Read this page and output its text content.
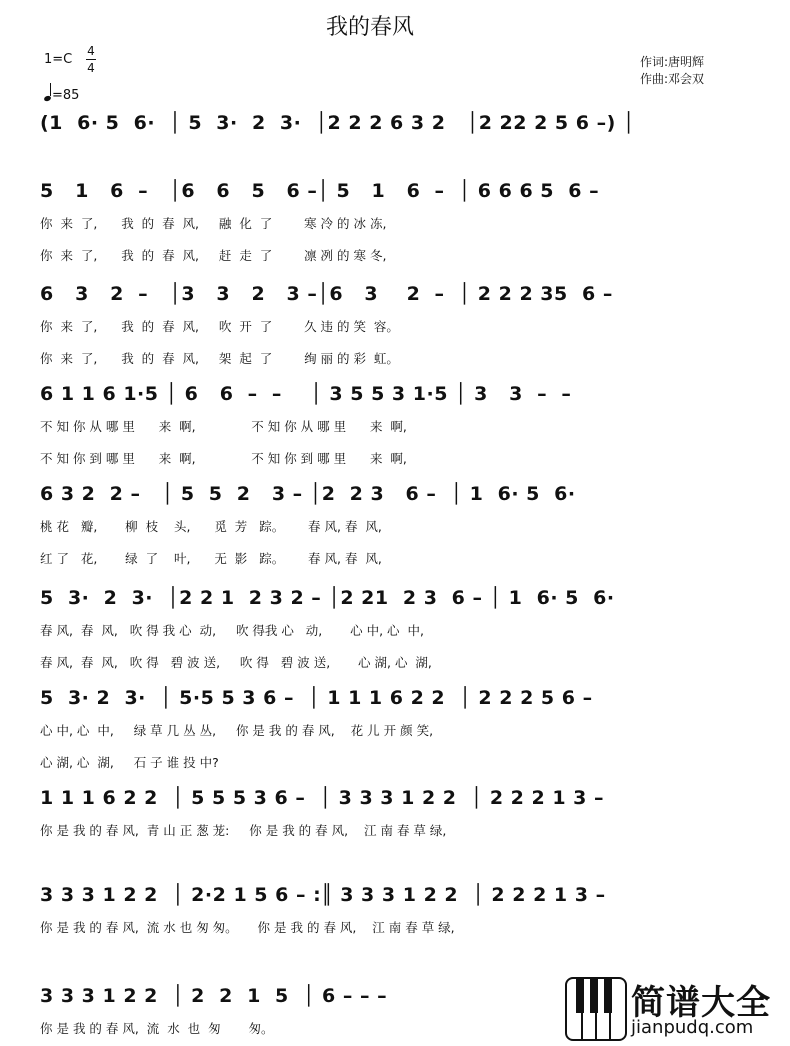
我的春风
1=C
4
4
=85
作词:唐明辉
作曲:邓会双
(1  6· 5  6·  │ 5  3·  2  3·  │2 2 2 6 3 2   │2 22 2 5 6 –) │
5   1   6  –   │6   6   5   6 –│ 5   1   6  –  │ 6 6 6 5  6 –
你  来  了,      我  的  春  风,     融  化  了        寒 冷 的 冰 冻,
你  来  了,      我  的  春  风,     赶  走  了        凛 冽 的 寒 冬,
6   3   2  –   │3   3   2   3 –│6   3    2  –  │ 2 2 2 35  6 –
你  来  了,      我  的  春  风,     吹  开  了        久 违 的 笑  容。
你  来  了,      我  的  春  风,     架  起  了        绚 丽 的 彩  虹。
6 1 1 6 1·5 │ 6   6  –  –    │ 3 5 5 3 1·5 │ 3   3  –  –
不 知 你 从 哪 里      来  啊,              不 知 你 从 哪 里      来  啊,
不 知 你 到 哪 里      来  啊,              不 知 你 到 哪 里      来  啊,
6 3 2  2 –   │ 5  5  2   3 – │2  2 3   6 –  │ 1  6· 5  6·
桃 花   瓣,       柳  枝    头,      觅  芳   踪。      春 风, 春  风,
红 了   花,       绿  了    叶,      无  影   踪。      春 风, 春  风,
5  3·  2  3·  │2 2 1  2 3 2 – │2 21  2 3  6 – │ 1  6· 5  6·
春 风,  春  风,   吹 得 我 心  动,     吹 得我 心   动,       心 中, 心  中,
春 风,  春  风,   吹 得   碧 波 送,     吹 得   碧 波 送,       心 湖, 心  湖,
5  3· 2  3·  │ 5·5 5 3 6 –  │ 1 1 1 6 2 2  │ 2 2 2 5 6 –
心 中, 心  中,     绿 草 几 丛 丛,     你 是 我 的 春 风,    花 儿 开 颜 笑,
心 湖, 心  湖,     石 子 谁 投 中?
1 1 1 6 2 2  │ 5 5 5 3 6 –  │ 3 3 3 1 2 2  │ 2 2 2 1 3 –
你 是 我 的 春 风,  青 山 正 葱 茏:     你 是 我 的 春 风,    江 南 春 草 绿,
3 3 3 1 2 2  │ 2·2 1 5 6 – :║ 3 3 3 1 2 2  │ 2 2 2 1 3 –
你 是 我 的 春 风,  流 水 也 匆 匆。     你 是 我 的 春 风,    江 南 春 草 绿,
3 3 3 1 2 2  │ 2  2  1  5  │ 6 – – –
你 是 我 的 春 风,  流  水  也  匆       匆。
简谱大全
jianpudq.com
